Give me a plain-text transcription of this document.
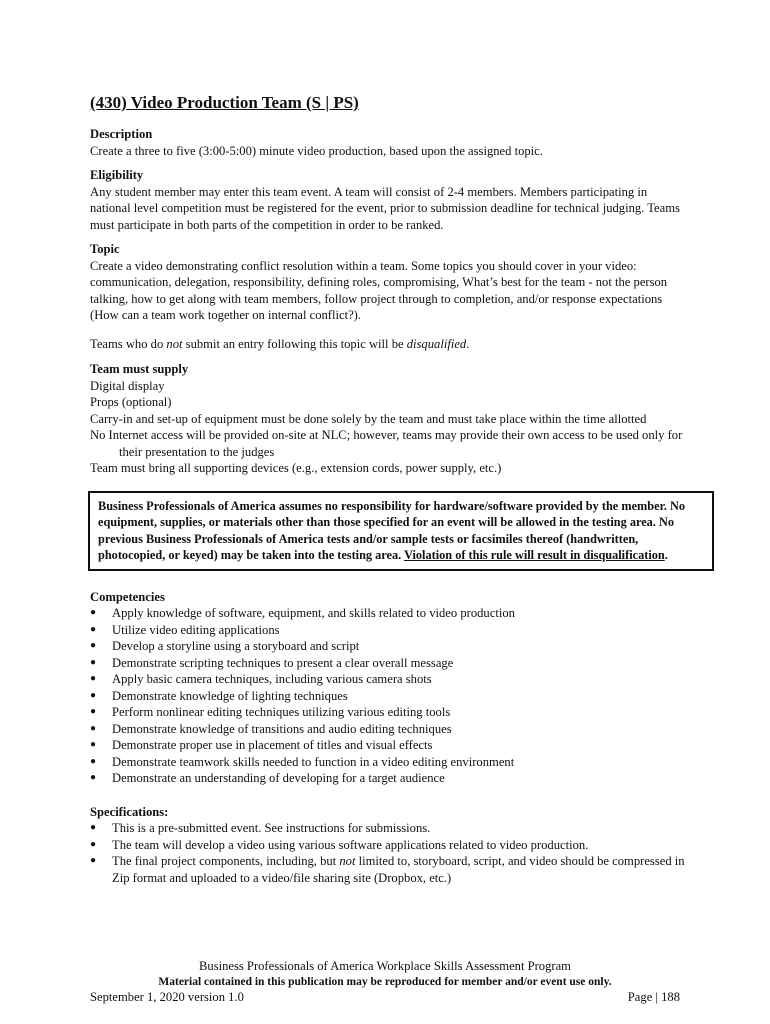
(430) Video Production Team (S | PS)

Description

Create a three to five (3:00-5:00) minute video production, based upon the assigned topic.

Eligibility

Any student member may enter this team event. A team will consist of 2-4 members. Members participating in national level competition must be registered for the event, prior to submission deadline for technical judging. Teams must participate in both parts of the competition in order to be ranked.

Topic

Create a video demonstrating conflict resolution within a team. Some topics you should cover in your video: communication, delegation, responsibility, defining roles, compromising, What’s best for the team - not the person talking, how to get along with team members, follow project through to completion, and/or response expectations (How can a team work together on internal conflict?).

Teams who do not submit an entry following this topic will be disqualified.

Team must supply

Digital display

Props (optional)

Carry-in and set-up of equipment must be done solely by the team and must take place within the time allotted

No Internet access will be provided on-site at NLC; however, teams may provide their own access to be used only for their presentation to the judges

Team must bring all supporting devices (e.g., extension cords, power supply, etc.)

Business Professionals of America assumes no responsibility for hardware/software provided by the member. No equipment, supplies, or materials other than those specified for an event will be allowed in the testing area. No previous Business Professionals of America tests and/or sample tests or facsimiles thereof (handwritten, photocopied, or keyed) may be taken into the testing area. Violation of this rule will result in disqualification.

Competencies

● Apply knowledge of software, equipment, and skills related to video production
● Utilize video editing applications
● Develop a storyline using a storyboard and script
● Demonstrate scripting techniques to present a clear overall message
● Apply basic camera techniques, including various camera shots
● Demonstrate knowledge of lighting techniques
● Perform nonlinear editing techniques utilizing various editing tools
● Demonstrate knowledge of transitions and audio editing techniques
● Demonstrate proper use in placement of titles and visual effects
● Demonstrate teamwork skills needed to function in a video editing environment
● Demonstrate an understanding of developing for a target audience

Specifications:

● This is a pre-submitted event. See instructions for submissions.
● The team will develop a video using various software applications related to video production.
● The final project components, including, but not limited to, storyboard, script, and video should be compressed in Zip format and uploaded to a video/file sharing site (Dropbox, etc.)
Business Professionals of America Workplace Skills Assessment Program
Material contained in this publication may be reproduced for member and/or event use only.
September 1, 2020 version 1.0	Page | 188
